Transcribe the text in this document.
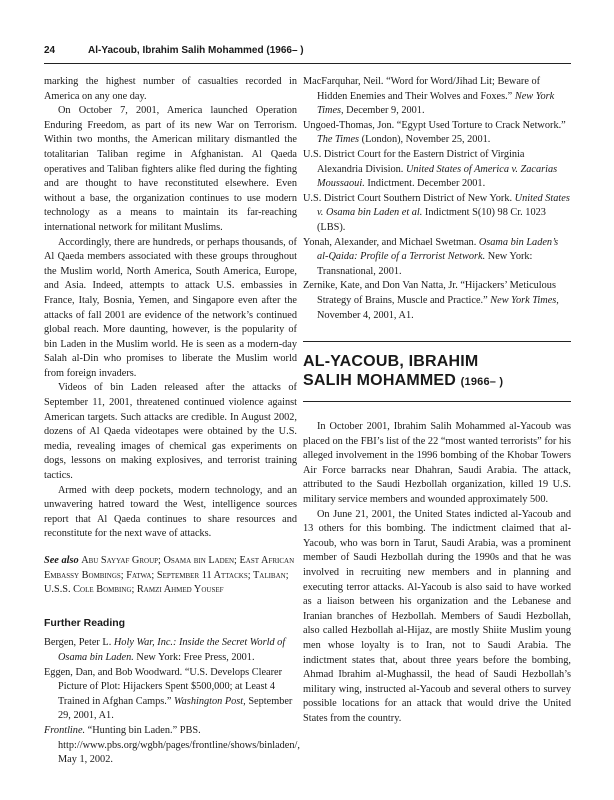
24	Al-Yacoub, Ibrahim Salih Mohammed (1966– )

marking the highest number of casualties recorded in America on any one day.

On October 7, 2001, America launched Operation Enduring Freedom, as part of its new War on Terrorism. Within two months, the American military dismantled the totalitarian Taliban regime in Afghanistan. Al Qaeda operatives and Taliban fighters alike fled during the fighting and are thought to have reconstituted elsewhere. Even without a base, the organization continues to use modern technology as a means to maintain its far-reaching international network for militant Muslims.

Accordingly, there are hundreds, or perhaps thousands, of Al Qaeda members associated with these groups throughout the Muslim world, North America, South America, Europe, and Asia. Indeed, attempts to attack U.S. embassies in France, Italy, Bosnia, Yemen, and Singapore even after the attacks of fall 2001 are evidence of the network’s continued global reach. More daunting, however, is the popularity of bin Laden in the Muslim world. He is seen as a modern-day Salah al-Din who promises to liberate the Muslim world from foreign invaders.

Videos of bin Laden released after the attacks of September 11, 2001, threatened continued violence against American targets. Such attacks are credible. In August 2002, dozens of Al Qaeda videotapes were obtained by the U.S. media, revealing images of chemical gas experiments on dogs, lessons on making explosives, and terrorist training tactics.

Armed with deep pockets, modern technology, and an unwavering hatred toward the West, intelligence sources report that Al Qaeda continues to share resources and reconstitute for the next wave of attacks.

See also Abu Sayyaf Group; Osama bin Laden; East African Embassy Bombings; Fatwa; September 11 Attacks; Taliban; U.S.S. Cole Bombing; Ramzi Ahmed Yousef

Further Reading

Bergen, Peter L. Holy War, Inc.: Inside the Secret World of Osama bin Laden. New York: Free Press, 2001.

Eggen, Dan, and Bob Woodward. “U.S. Develops Clearer Picture of Plot: Hijackers Spent $500,000; at Least 4 Trained in Afghan Camps.” Washington Post, September 29, 2001, A1.

Frontline. “Hunting bin Laden.” PBS. http://www.pbs.org/wgbh/pages/frontline/shows/binladen/, May 1, 2002.

MacFarquhar, Neil. “Word for Word/Jihad Lit; Beware of Hidden Enemies and Their Wolves and Foxes.” New York Times, December 9, 2001.

Ungoed-Thomas, Jon. “Egypt Used Torture to Crack Network.” The Times (London), November 25, 2001.

U.S. District Court for the Eastern District of Virginia Alexandria Division. United States of America v. Zacarias Moussaoui. Indictment. December 2001.

U.S. District Court Southern District of New York. United States v. Osama bin Laden et al. Indictment S(10) 98 Cr. 1023 (LBS).

Yonah, Alexander, and Michael Swetman. Osama bin Laden’s al-Qaida: Profile of a Terrorist Network. New York: Transnational, 2001.

Zernike, Kate, and Don Van Natta, Jr. “Hijackers’ Meticulous Strategy of Brains, Muscle and Practice.” New York Times, November 4, 2001, A1.

AL-YACOUB, IBRAHIM
SALIH MOHAMMED (1966– )

In October 2001, Ibrahim Salih Mohammed al-Yacoub was placed on the FBI’s list of the 22 “most wanted terrorists” for his alleged involvement in the 1996 bombing of the Khobar Towers Air Force barracks near Dhahran, Saudi Arabia. The attack, attributed to the Saudi Hezbollah organization, killed 19 U.S. military service members and wounded approximately 500.

On June 21, 2001, the United States indicted al-Yacoub and 13 others for this bombing. The indictment claimed that al-Yacoub, who was born in Tarut, Saudi Arabia, was a prominent member of Saudi Hezbollah during the 1990s and that he was involved in recruiting new members and in planning and executing terror attacks. Al-Yacoub is also said to have worked as a liaison between his organization and the Lebanese and Iranian branches of Hezbollah. Members of Saudi Hezbollah, also called Hezbollah al-Hijaz, are mostly Shiite Muslim young men whose loyalty is to Iran, not to Saudi Arabia. The indictment states that, about three years before the bombing, Ahmad Ibrahim al-Mughassil, the head of Saudi Hezbollah’s military wing, instructed al-Yacoub and several others to survey possible locations for an attack that would drive the United States from the country.
